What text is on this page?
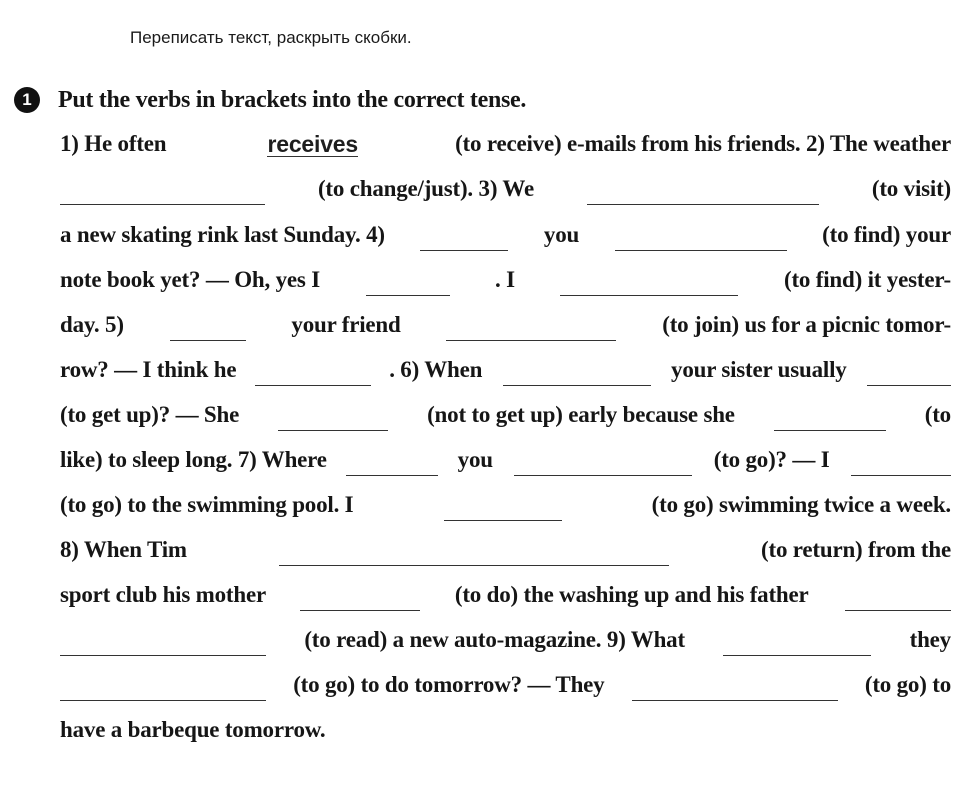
Переписать текст, раскрыть скобки.
1	Put the verbs in brackets into the correct tense.
1) He often	receives	(to receive) e-mails from his friends. 2) The weather
(to change/just). 3) We	(to visit)
a new skating rink last Sunday. 4)	you	(to find) your
note book yet? — Oh, yes I	. I	(to find) it yester-
day. 5)	your friend	(to join) us for a picnic tomor-
row? — I think he	. 6) When	your sister usually
(to get up)? — She	(not to get up) early because she	(to
like) to sleep long. 7) Where	you	(to go)? — I
(to go) to the swimming pool. I	(to go) swimming twice a week.
8) When Tim	(to return) from the
sport club his mother	(to do) the washing up and his father
(to read) a new auto-magazine. 9) What	they
(to go) to do tomorrow? — They	(to go) to
have a barbeque tomorrow.
